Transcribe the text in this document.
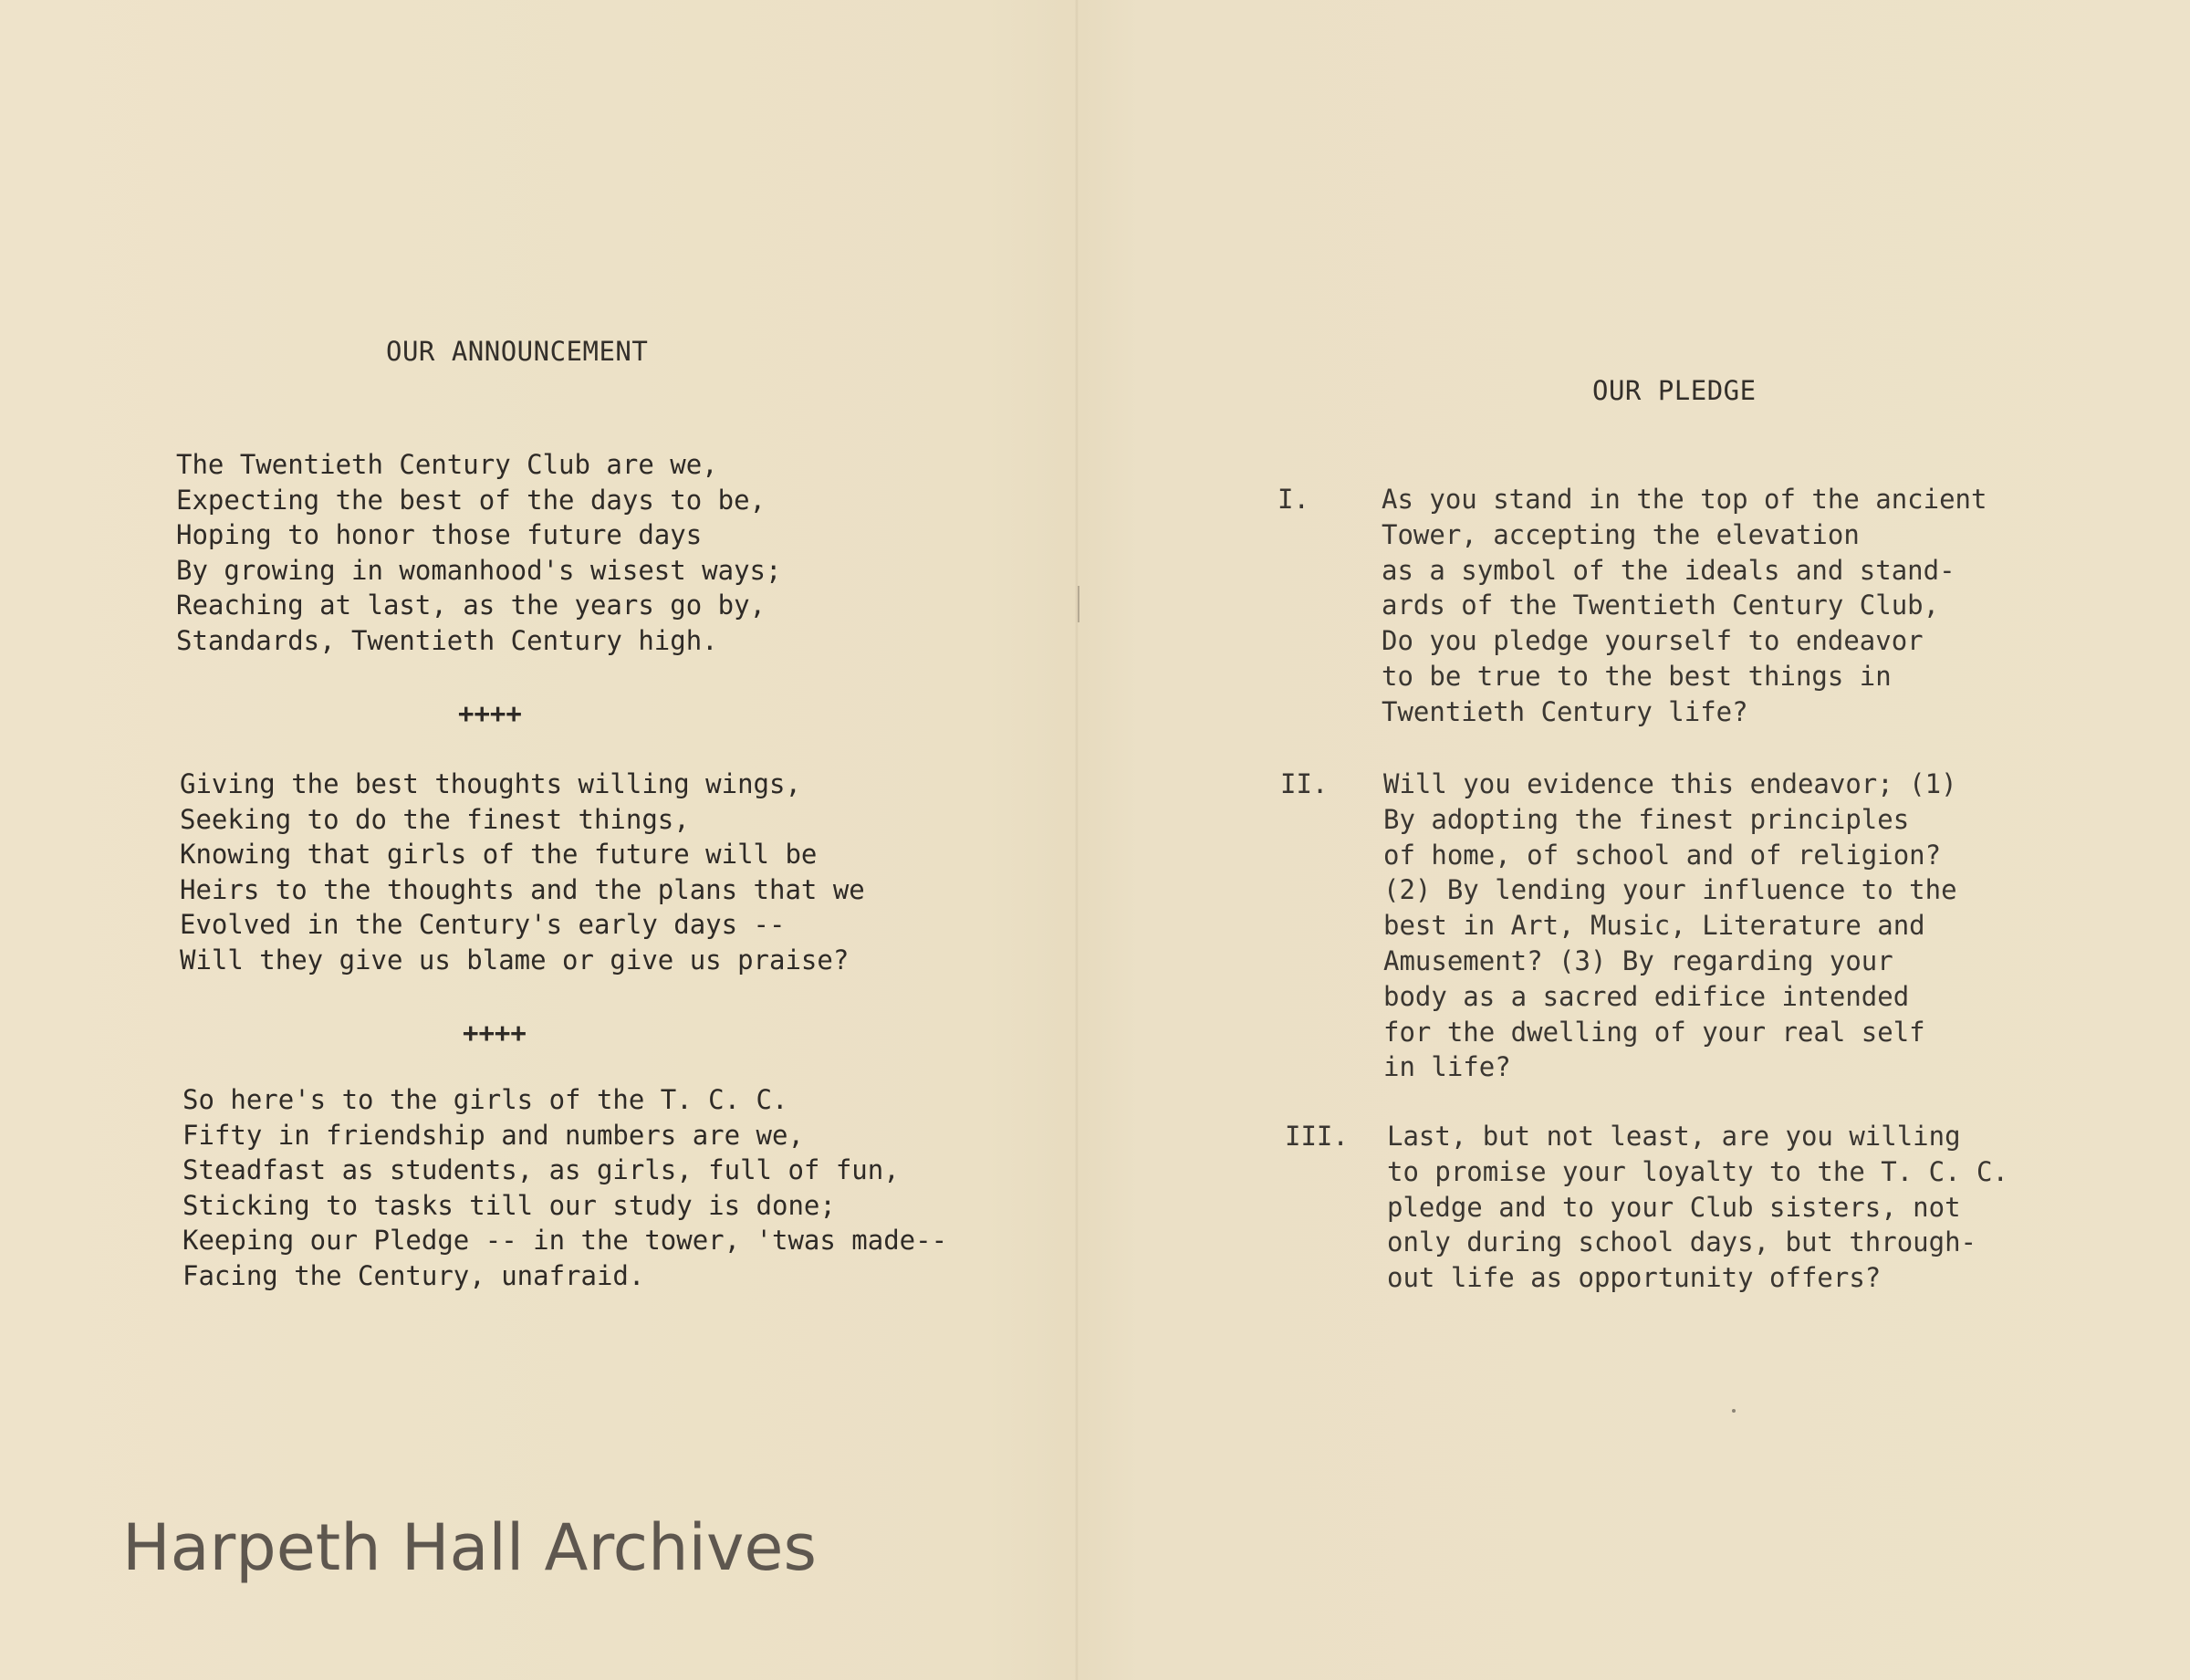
OUR ANNOUNCEMENT
The Twentieth Century Club are we,
Expecting the best of the days to be,
Hoping to honor those future days
By growing in womanhood's wisest ways;
Reaching at last, as the years go by,
Standards, Twentieth Century high.
++++
Giving the best thoughts willing wings,
Seeking to do the finest things,
Knowing that girls of the future will be
Heirs to the thoughts and the plans that we
Evolved in the Century's early days --
Will they give us blame or give us praise?
++++
So here's to the girls of the T. C. C.
Fifty in friendship and numbers are we,
Steadfast as students, as girls, full of fun,
Sticking to tasks till our study is done;
Keeping our Pledge -- in the tower, 'twas made--
Facing the Century, unafraid.
OUR PLEDGE
I.	As you stand in the top of the ancient
Tower, accepting the elevation
as a symbol of the ideals and stand-
ards of the Twentieth Century Club,
Do you pledge yourself to endeavor
to be true to the best things in
Twentieth Century life?
II. Will you evidence this endeavor; (1)
By adopting the finest principles
of home, of school and of religion?
(2) By lending your influence to the
best in Art, Music, Literature and
Amusement? (3) By regarding your
body as a sacred edifice intended
for the dwelling of your real self
in life?
III. Last, but not least, are you willing
to promise your loyalty to the T. C. C.
pledge and to your Club sisters, not
only during school days, but through-
out life as opportunity offers?
Harpeth Hall Archives
